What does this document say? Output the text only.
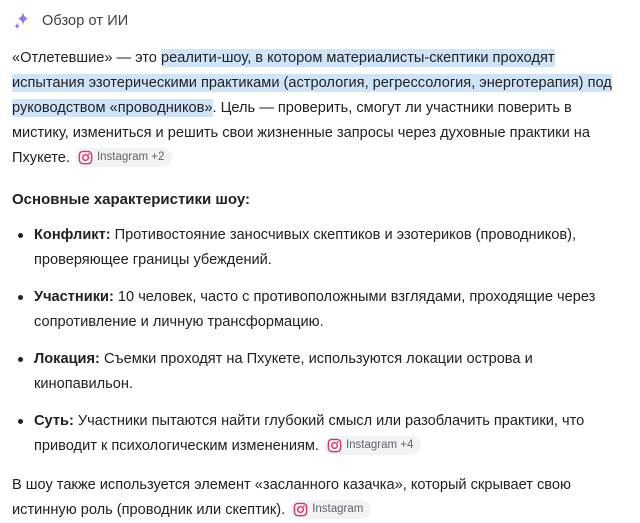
Обзор от ИИ

«Отлетевшие» — это реалити-шоу, в котором материалисты-скептики проходят испытания эзотерическими практиками (астрология, регрессология, энерготерапия) под руководством «проводников». Цель — проверить, смогут ли участники поверить в мистику, измениться и решить свои жизненные запросы через духовные практики на Пхукете. Instagram +2

Основные характеристики шоу:
Конфликт: Противостояние заносчивых скептиков и эзотериков (проводников), проверяющее границы убеждений.
Участники: 10 человек, часто с противоположными взглядами, проходящие через сопротивление и личную трансформацию.
Локация: Съемки проходят на Пхукете, используются локации острова и кинопавильон.
Суть: Участники пытаются найти глубокий смысл или разоблачить практики, что приводит к психологическим изменениям. Instagram +4

В шоу также используется элемент «засланного казачка», который скрывает свою истинную роль (проводник или скептик). Instagram
